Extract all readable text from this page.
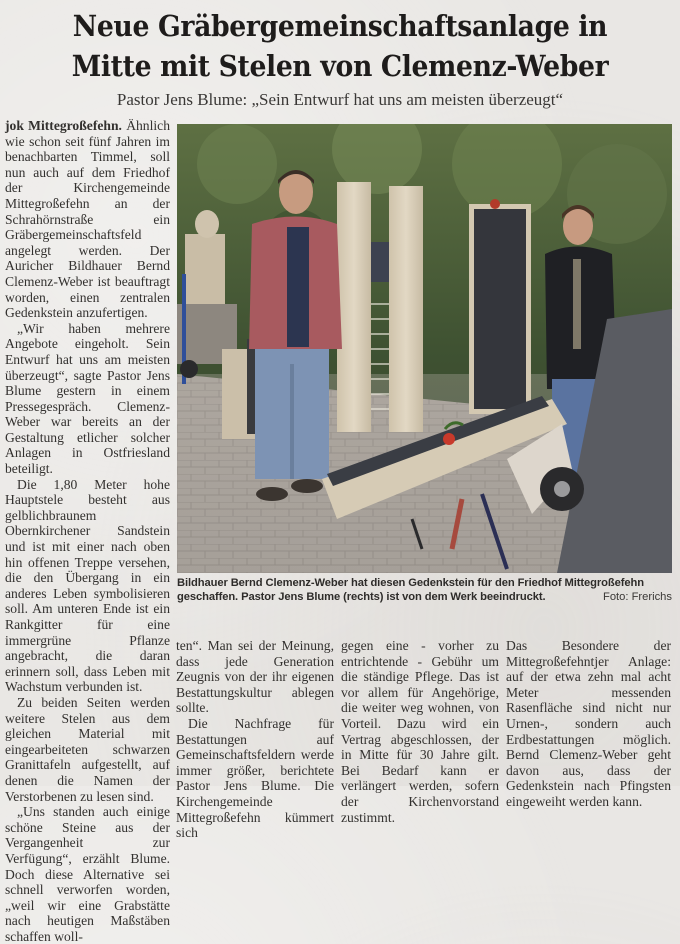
Neue Gräbergemeinschaftsanlage in
Mitte mit Stelen von Clemenz-Weber
Pastor Jens Blume: „Sein Entwurf hat uns am meisten überzeugt“

jok Mittegroßefehn. Ähnlich wie schon seit fünf Jahren im benachbarten Timmel, soll nun auch auf dem Friedhof der Kirchengemeinde Mittegroßefehn an der Schrahörnstraße ein Gräbergemeinschaftsfeld angelegt werden. Der Auricher Bildhauer Bernd Clemenz-Weber ist beauftragt worden, einen zentralen Gedenkstein anzufertigen.

„Wir haben mehrere Angebote eingeholt. Sein Entwurf hat uns am meisten überzeugt“, sagte Pastor Jens Blume gestern in einem Pressegespräch. Clemenz-Weber war bereits an der Gestaltung etlicher solcher Anlagen in Ostfriesland beteiligt.

Die 1,80 Meter hohe Hauptstele besteht aus gelblichbraunem Obernkirchener Sandstein und ist mit einer nach oben hin offenen Treppe versehen, die den Übergang in ein anderes Leben symbolisieren soll. Am unteren Ende ist ein Rankgitter für eine immergrüne Pflanze angebracht, die daran erinnern soll, dass Leben mit Wachstum verbunden ist.

Zu beiden Seiten werden weitere Stelen aus dem gleichen Material mit eingearbeiteten schwarzen Granittafeln aufgestellt, auf denen die Namen der Verstorbenen zu lesen sind.

„Uns standen auch einige schöne Steine aus der Vergangenheit zur Verfügung“, erzählt Blume. Doch diese Alternative sei schnell verworfen worden, „weil wir eine Grabstätte nach heutigen Maßstäben schaffen woll-

Bildhauer Bernd Clemenz-Weber hat diesen Gedenkstein für den Friedhof Mittegroßefehn geschaffen. Pastor Jens Blume (rechts) ist von dem Werk beeindruckt.	Foto: Frerichs

ten“. Man sei der Meinung, dass jede Generation Zeugnis von der ihr eigenen Bestattungskultur ablegen sollte.

Die Nachfrage für Bestattungen auf Gemeinschaftsfeldern werde immer größer, berichtete Pastor Jens Blume. Die Kirchengemeinde Mittegroßefehn kümmert sich

gegen eine - vorher zu entrichtende - Gebühr um die ständige Pflege. Das ist vor allem für Angehörige, die weiter weg wohnen, von Vorteil. Dazu wird ein Vertrag abgeschlossen, der in Mitte für 30 Jahre gilt. Bei Bedarf kann er verlängert werden, sofern der Kirchenvorstand zustimmt.

Das Besondere der Mittegroßefehntjer Anlage: auf der etwa zehn mal acht Meter messenden Rasenfläche sind nicht nur Urnen-, sondern auch Erdbestattungen möglich. Bernd Clemenz-Weber geht davon aus, dass der Gedenkstein nach Pfingsten eingeweiht werden kann.
